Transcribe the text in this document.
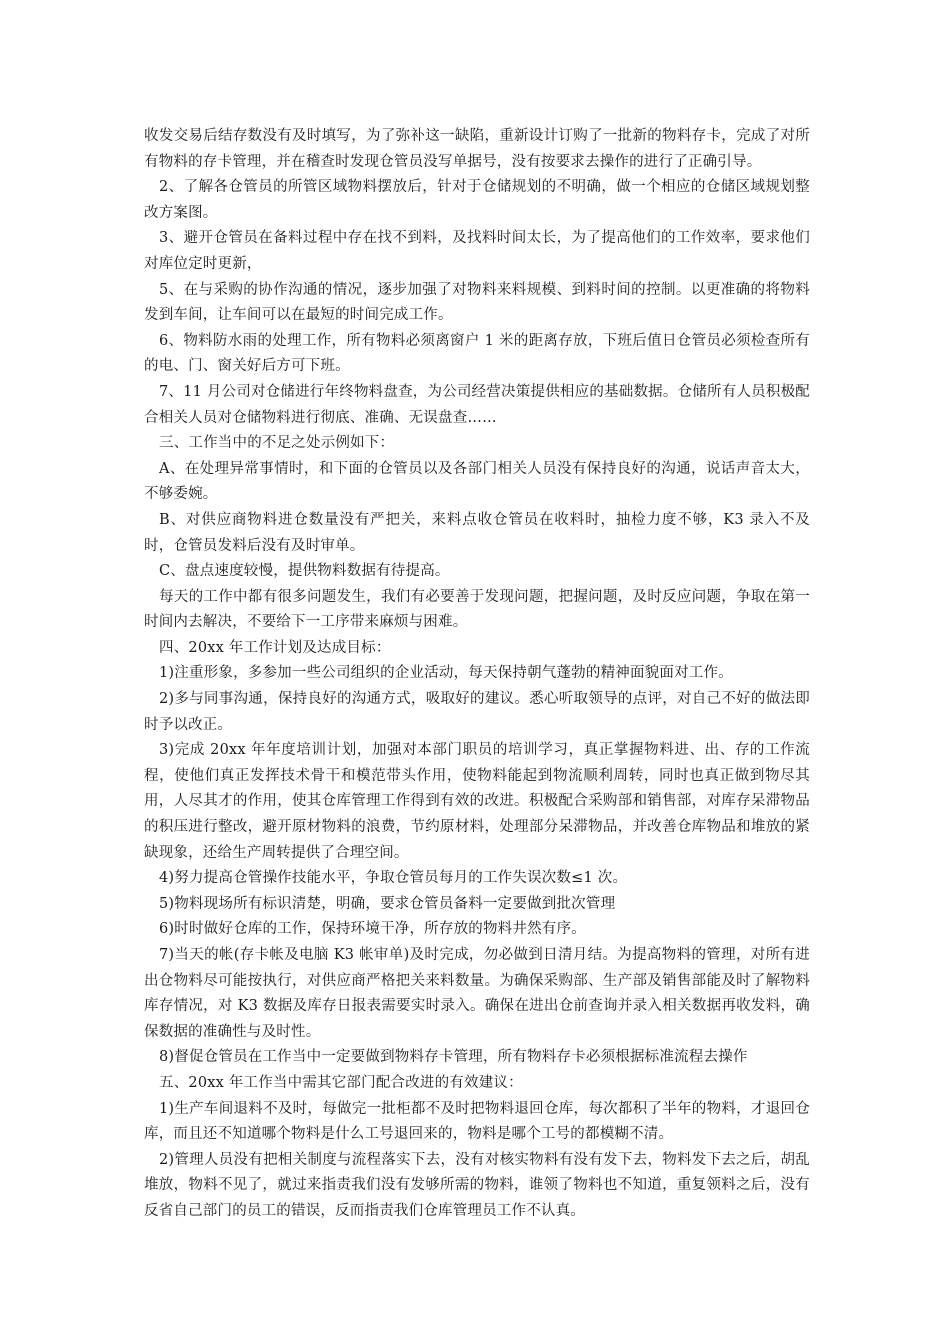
收发交易后结存数没有及时填写，为了弥补这一缺陷，重新设计订购了一批新的物料存卡，完成了对所有物料的存卡管理，并在稽查时发现仓管员没写单据号，没有按要求去操作的进行了正确引导。

2、了解各仓管员的所管区域物料摆放后，针对于仓储规划的不明确，做一个相应的仓储区域规划整改方案图。

3、避开仓管员在备料过程中存在找不到料，及找料时间太长，为了提高他们的工作效率，要求他们对库位定时更新，

5、在与采购的协作沟通的情况，逐步加强了对物料来料规模、到料时间的控制。以更准确的将物料发到车间，让车间可以在最短的时间完成工作。

6、物料防水雨的处理工作，所有物料必须离窗户 1 米的距离存放，下班后值日仓管员必须检查所有的电、门、窗关好后方可下班。

7、11 月公司对仓储进行年终物料盘查，为公司经营决策提供相应的基础数据。仓储所有人员积极配合相关人员对仓储物料进行彻底、准确、无误盘查……

三、工作当中的不足之处示例如下：

A、在处理异常事情时，和下面的仓管员以及各部门相关人员没有保持良好的沟通，说话声音太大，不够委婉。

B、对供应商物料进仓数量没有严把关，来料点收仓管员在收料时，抽检力度不够，K3 录入不及时，仓管员发料后没有及时审单。

C、盘点速度较慢，提供物料数据有待提高。

每天的工作中都有很多问题发生，我们有必要善于发现问题，把握问题，及时反应问题，争取在第一时间内去解决，不要给下一工序带来麻烦与困难。

四、20xx 年工作计划及达成目标：

1)注重形象，多参加一些公司组织的企业活动，每天保持朝气蓬勃的精神面貌面对工作。

2)多与同事沟通，保持良好的沟通方式，吸取好的建议。悉心听取领导的点评，对自己不好的做法即时予以改正。

3)完成 20xx 年年度培训计划，加强对本部门职员的培训学习，真正掌握物料进、出、存的工作流程，使他们真正发挥技术骨干和模范带头作用，使物料能起到物流顺利周转，同时也真正做到物尽其用，人尽其才的作用，使其仓库管理工作得到有效的改进。积极配合采购部和销售部，对库存呆滞物品的积压进行整改，避开原材物料的浪费，节约原材料，处理部分呆滞物品，并改善仓库物品和堆放的紧缺现象，还给生产周转提供了合理空间。

4)努力提高仓管操作技能水平，争取仓管员每月的工作失误次数≤1 次。

5)物料现场所有标识清楚，明确，要求仓管员备料一定要做到批次管理

6)时时做好仓库的工作，保持环境干净，所存放的物料井然有序。

7)当天的帐(存卡帐及电脑 K3 帐审单)及时完成，勿必做到日清月结。为提高物料的管理，对所有进出仓物料尽可能按执行，对供应商严格把关来料数量。为确保采购部、生产部及销售部能及时了解物料库存情况，对 K3 数据及库存日报表需要实时录入。确保在进出仓前查询并录入相关数据再收发料，确保数据的准确性与及时性。

8)督促仓管员在工作当中一定要做到物料存卡管理，所有物料存卡必须根据标准流程去操作

五、20xx 年工作当中需其它部门配合改进的有效建议：

1)生产车间退料不及时，每做完一批柜都不及时把物料退回仓库，每次都积了半年的物料，才退回仓库，而且还不知道哪个物料是什么工号退回来的，物料是哪个工号的都模糊不清。

2)管理人员没有把相关制度与流程落实下去，没有对核实物料有没有发下去，物料发下去之后，胡乱堆放，物料不见了，就过来指责我们没有发够所需的物料，谁领了物料也不知道，重复领料之后，没有反省自己部门的员工的错误，反而指责我们仓库管理员工作不认真。
